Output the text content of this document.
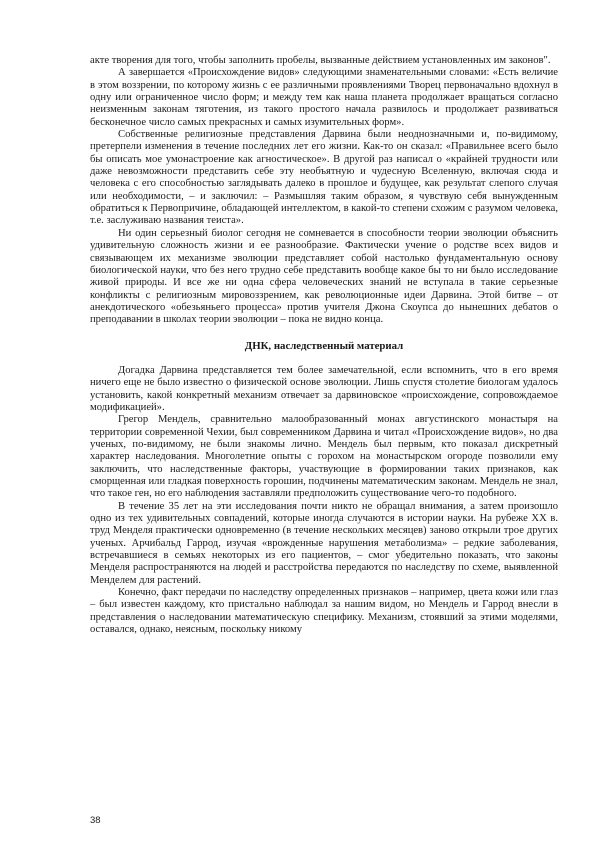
акте творения для того, чтобы заполнить пробелы, вызванные действием установленных им законов".

А завершается «Происхождение видов» следующими знаменательными словами: «Есть величие в этом воззрении, по которому жизнь с ее различными проявлениями Творец первоначально вдохнул в одну или ограниченное число форм; и между тем как наша планета продолжает вращаться согласно неизменным законам тяготения, из такого простого начала развилось и продолжает развиваться бесконечное число самых прекрасных и самых изумительных форм».

Собственные религиозные представления Дарвина были неоднозначными и, по-видимому, претерпели изменения в течение последних лет его жизни. Как-то он сказал: «Правильнее всего было бы описать мое умонастроение как агностическое». В другой раз написал о «крайней трудности или даже невозможности представить себе эту необъятную и чудесную Вселенную, включая сюда и человека с его способностью заглядывать далеко в прошлое и будущее, как результат слепого случая или необходимости, – и заключил: – Размышляя таким образом, я чувствую себя вынужденным обратиться к Первопричине, обладающей интеллектом, в какой-то степени схожим с разумом человека, т.е. заслуживаю названия теиста».

Ни один серьезный биолог сегодня не сомневается в способности теории эволюции объяснить удивительную сложность жизни и ее разнообразие. Фактически учение о родстве всех видов и связывающем их механизме эволюции представляет собой настолько фундаментальную основу биологической науки, что без него трудно себе представить вообще какое бы то ни было исследование живой природы. И все же ни одна сфера человеческих знаний не вступала в такие серьезные конфликты с религиозным мировоззрением, как революционные идеи Дарвина. Этой битве – от анекдотического «обезьяньего процесса» против учителя Джона Скоупса до нынешних дебатов о преподавании в школах теории эволюции – пока не видно конца.

ДНК, наследственный материал

Догадка Дарвина представляется тем более замечательной, если вспомнить, что в его время ничего еще не было известно о физической основе эволюции. Лишь спустя столетие биологам удалось установить, какой конкретный механизм отвечает за дарвиновское «происхождение, сопровождаемое модификацией».

Грегор Мендель, сравнительно малообразованный монах августинского монастыря на территории современной Чехии, был современником Дарвина и читал «Происхождение видов», но два ученых, по-видимому, не были знакомы лично. Мендель был первым, кто показал дискретный характер наследования. Многолетние опыты с горохом на монастырском огороде позволили ему заключить, что наследственные факторы, участвующие в формировании таких признаков, как сморщенная или гладкая поверхность горошин, подчинены математическим законам. Мендель не знал, что такое ген, но его наблюдения заставляли предположить существование чего-то подобного.

В течение 35 лет на эти исследования почти никто не обращал внимания, а затем произошло одно из тех удивительных совпадений, которые иногда случаются в истории науки. На рубеже XX в. труд Менделя практически одновременно (в течение нескольких месяцев) заново открыли трое других ученых. Арчибальд Гаррод, изучая «врожденные нарушения метаболизма» – редкие заболевания, встречавшиеся в семьях некоторых из его пациентов, – смог убедительно показать, что законы Менделя распространяются на людей и расстройства передаются по наследству по схеме, выявленной Менделем для растений.

Конечно, факт передачи по наследству определенных признаков – например, цвета кожи или глаз – был известен каждому, кто пристально наблюдал за нашим видом, но Мендель и Гаррод внесли в представления о наследовании математическую специфику. Механизм, стоявший за этими моделями, оставался, однако, неясным, поскольку никому

38
